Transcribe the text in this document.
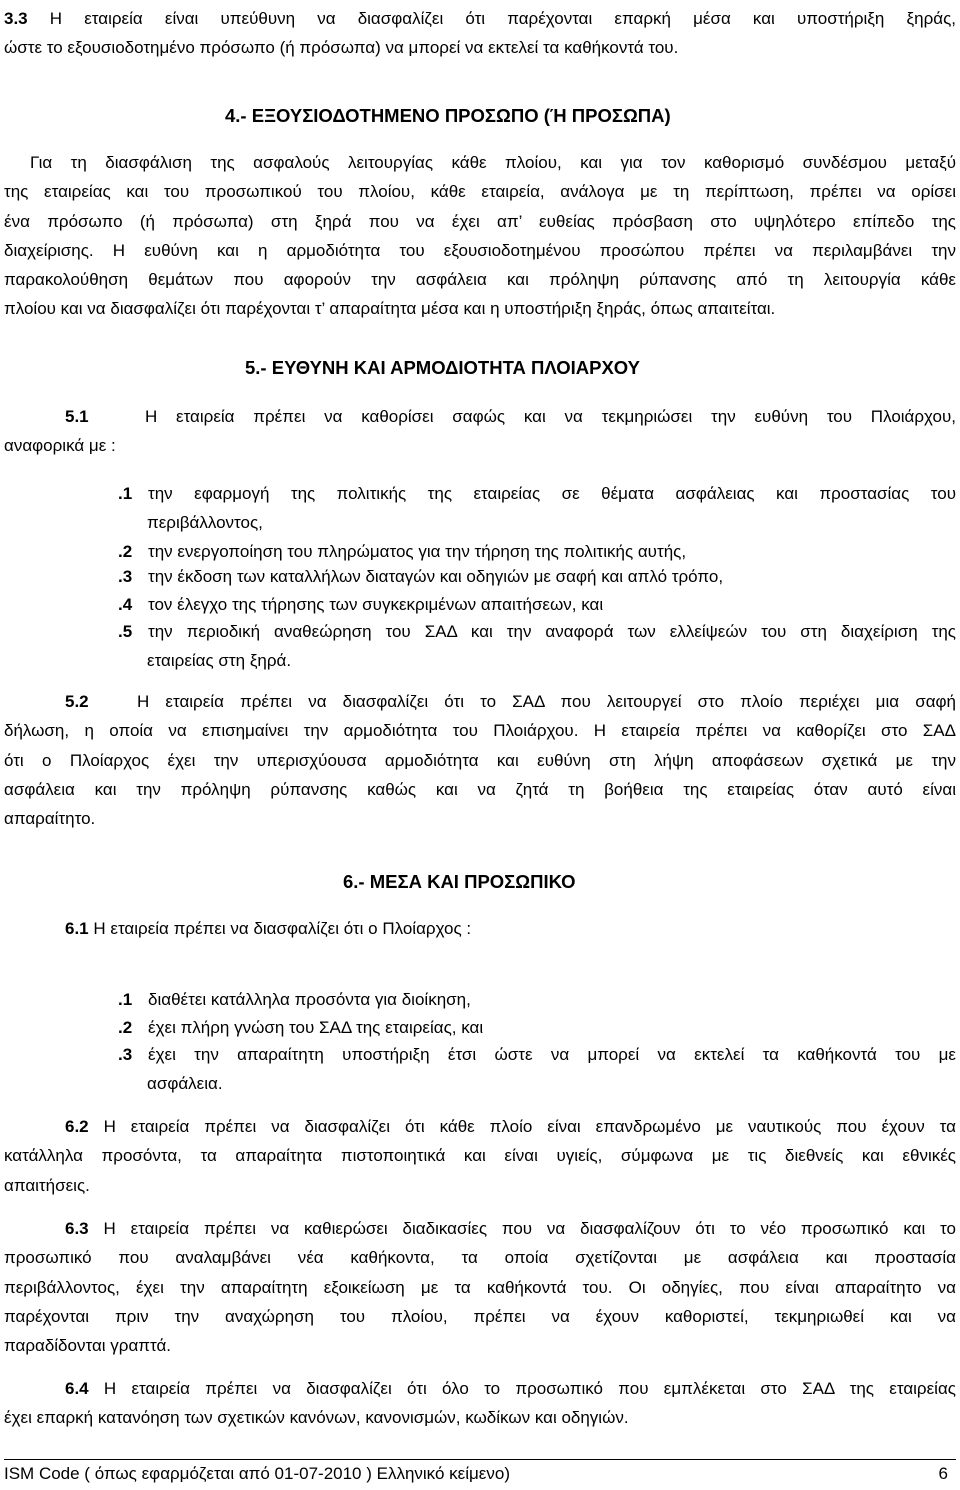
3.3 Η εταιρεία είναι υπεύθυνη να διασφαλίζει ότι παρέχονται επαρκή μέσα και υποστήριξη ξηράς,
ώστε το εξουσιοδοτημένο πρόσωπο (ή πρόσωπα) να μπορεί να εκτελεί τα καθήκοντά του.
4.- ΕΞΟΥΣΙΟΔΟΤΗΜΕΝΟ ΠΡΟΣΩΠΟ (Ή ΠΡΟΣΩΠΑ)
Για τη διασφάλιση της ασφαλούς λειτουργίας κάθε πλοίου, και για τον καθορισμό συνδέσμου μεταξύ
της εταιρείας και του προσωπικού του πλοίου, κάθε εταιρεία, ανάλογα με τη περίπτωση, πρέπει να ορίσει
ένα πρόσωπο (ή πρόσωπα) στη ξηρά που να έχει απ’ ευθείας πρόσβαση στο υψηλότερο επίπεδο της
διαχείρισης. Η ευθύνη και η αρμοδιότητα του εξουσιοδοτημένου προσώπου πρέπει να περιλαμβάνει την
παρακολούθηση θεμάτων που αφορούν την ασφάλεια και πρόληψη ρύπανσης από τη λειτουργία κάθε
πλοίου και να διασφαλίζει ότι παρέχονται τ’ απαραίτητα μέσα και η υποστήριξη ξηράς, όπως απαιτείται.
5.- ΕΥΘΥΝΗ ΚΑΙ ΑΡΜΟΔΙΟΤΗΤΑ ΠΛΟΙΑΡΧΟΥ
5.1	Η εταιρεία πρέπει να καθορίσει σαφώς και να τεκμηριώσει την ευθύνη του Πλοιάρχου,
αναφορικά με :
.1 την εφαρμογή της πολιτικής της εταιρείας σε θέματα ασφάλειας και προστασίας του
περιβάλλοντος,
.2 την ενεργοποίηση του πληρώματος για την τήρηση της πολιτικής αυτής,
.3 την έκδοση των καταλλήλων διαταγών και οδηγιών με σαφή και απλό τρόπο,
.4 τον έλεγχο της τήρησης των συγκεκριμένων απαιτήσεων, και
.5 την περιοδική αναθεώρηση του ΣΑΔ και την αναφορά των ελλείψεών του στη διαχείριση της
εταιρείας στη ξηρά.
5.2	Η εταιρεία πρέπει να διασφαλίζει ότι το ΣΑΔ που λειτουργεί στο πλοίο περιέχει μια σαφή
δήλωση, η οποία να επισημαίνει την αρμοδιότητα του Πλοιάρχου. Η εταιρεία πρέπει να καθορίζει στο ΣΑΔ
ότι ο Πλοίαρχος έχει την υπερισχύουσα αρμοδιότητα και ευθύνη στη λήψη αποφάσεων σχετικά με την
ασφάλεια και την πρόληψη ρύπανσης καθώς και να ζητά τη βοήθεια της εταιρείας όταν αυτό είναι
απαραίτητο.
6.- ΜΕΣΑ ΚΑΙ ΠΡΟΣΩΠΙΚΟ
6.1 Η εταιρεία πρέπει να διασφαλίζει ότι ο Πλοίαρχος :
.1 διαθέτει κατάλληλα προσόντα για διοίκηση,
.2 έχει πλήρη γνώση του ΣΑΔ της εταιρείας, και
.3 έχει την απαραίτητη υποστήριξη έτσι ώστε να μπορεί να εκτελεί τα καθήκοντά του με
ασφάλεια.
6.2 Η εταιρεία πρέπει να διασφαλίζει ότι κάθε πλοίο είναι επανδρωμένο με ναυτικούς που έχουν τα
κατάλληλα προσόντα, τα απαραίτητα πιστοποιητικά και είναι υγιείς, σύμφωνα με τις διεθνείς και εθνικές
απαιτήσεις.
6.3 Η εταιρεία πρέπει να καθιερώσει διαδικασίες που να διασφαλίζουν ότι το νέο προσωπικό και το
προσωπικό που αναλαμβάνει νέα καθήκοντα, τα οποία σχετίζονται με ασφάλεια και προστασία
περιβάλλοντος, έχει την απαραίτητη εξοικείωση με τα καθήκοντά του. Οι οδηγίες, που είναι απαραίτητο να
παρέχονται πριν την αναχώρηση του πλοίου, πρέπει να έχουν καθοριστεί, τεκμηριωθεί και να
παραδίδονται γραπτά.
6.4 Η εταιρεία πρέπει να διασφαλίζει ότι όλο το προσωπικό που εμπλέκεται στο ΣΑΔ της εταιρείας
έχει επαρκή κατανόηση των σχετικών κανόνων, κανονισμών, κωδίκων και οδηγιών.
ISM Code ( όπως εφαρμόζεται από 01-07-2010 ) Ελληνικό κείμενο)	6
